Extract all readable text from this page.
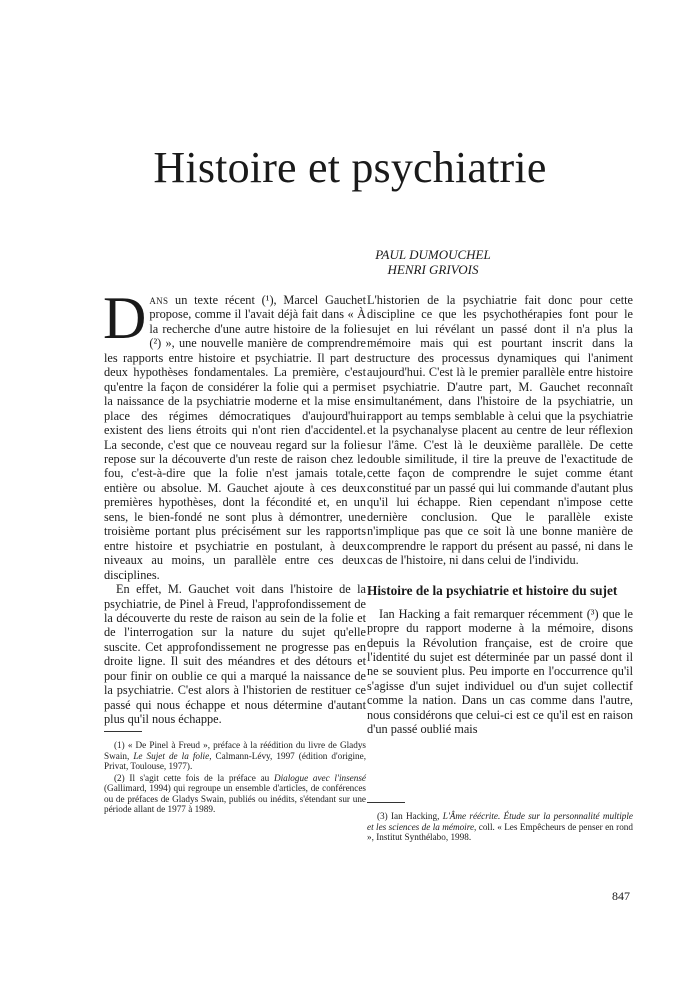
Histoire et psychiatrie
PAUL DUMOUCHEL
HENRI GRIVOIS

Dans un texte récent (¹), Marcel Gauchet propose, comme il l'avait déjà fait dans « À la recherche d'une autre histoire de la folie (²) », une nouvelle manière de comprendre les rapports entre histoire et psychiatrie. Il part de deux hypothèses fondamentales. La première, c'est qu'entre la façon de considérer la folie qui a permis la naissance de la psychiatrie moderne et la mise en place des régimes démocratiques d'aujourd'hui existent des liens étroits qui n'ont rien d'accidentel. La seconde, c'est que ce nouveau regard sur la folie repose sur la découverte d'un reste de raison chez le fou, c'est-à-dire que la folie n'est jamais totale, entière ou absolue. M. Gauchet ajoute à ces deux premières hypothèses, dont la fécondité et, en un sens, le bien-fondé ne sont plus à démontrer, une troisième portant plus précisément sur les rapports entre histoire et psychiatrie en postulant, à deux niveaux au moins, un parallèle entre ces deux disciplines.

En effet, M. Gauchet voit dans l'histoire de la psychiatrie, de Pinel à Freud, l'approfondissement de la découverte du reste de raison au sein de la folie et de l'interrogation sur la nature du sujet qu'elle suscite. Cet approfondissement ne progresse pas en droite ligne. Il suit des méandres et des détours et pour finir on oublie ce qui a marqué la naissance de la psychiatrie. C'est alors à l'historien de restituer ce passé qui nous échappe et nous détermine d'autant plus qu'il nous échappe.

L'historien de la psychiatrie fait donc pour cette discipline ce que les psychothérapies font pour le sujet en lui révélant un passé dont il n'a plus la mémoire mais qui est pourtant inscrit dans la structure des processus dynamiques qui l'animent aujourd'hui. C'est là le premier parallèle entre histoire et psychiatrie. D'autre part, M. Gauchet reconnaît simultanément, dans l'histoire de la psychiatrie, un rapport au temps semblable à celui que la psychiatrie et la psychanalyse placent au centre de leur réflexion sur l'âme. C'est là le deuxième parallèle. De cette double similitude, il tire la preuve de l'exactitude de cette façon de comprendre le sujet comme étant constitué par un passé qui lui commande d'autant plus qu'il lui échappe. Rien cependant n'impose cette dernière conclusion. Que le parallèle existe n'implique pas que ce soit là une bonne manière de comprendre le rapport du présent au passé, ni dans le cas de l'histoire, ni dans celui de l'individu.

Histoire de la psychiatrie et histoire du sujet

Ian Hacking a fait remarquer récemment (³) que le propre du rapport moderne à la mémoire, disons depuis la Révolution française, est de croire que l'identité du sujet est déterminée par un passé dont il ne se souvient plus. Peu importe en l'occurrence qu'il s'agisse d'un sujet individuel ou d'un sujet collectif comme la nation. Dans un cas comme dans l'autre, nous considérons que celui-ci est ce qu'il est en raison d'un passé oublié mais

(1) « De Pinel à Freud », préface à la réédition du livre de Gladys Swain, Le Sujet de la folie, Calmann-Lévy, 1997 (édition d'origine, Privat, Toulouse, 1977).

(2) Il s'agit cette fois de la préface au Dialogue avec l'insensé (Gallimard, 1994) qui regroupe un ensemble d'articles, de conférences ou de préfaces de Gladys Swain, publiés ou inédits, s'étendant sur une période allant de 1977 à 1989.

(3) Ian Hacking, L'Âme réécrite. Étude sur la personnalité multiple et les sciences de la mémoire, coll. « Les Empêcheurs de penser en rond », Institut Synthélabo, 1998.

847
